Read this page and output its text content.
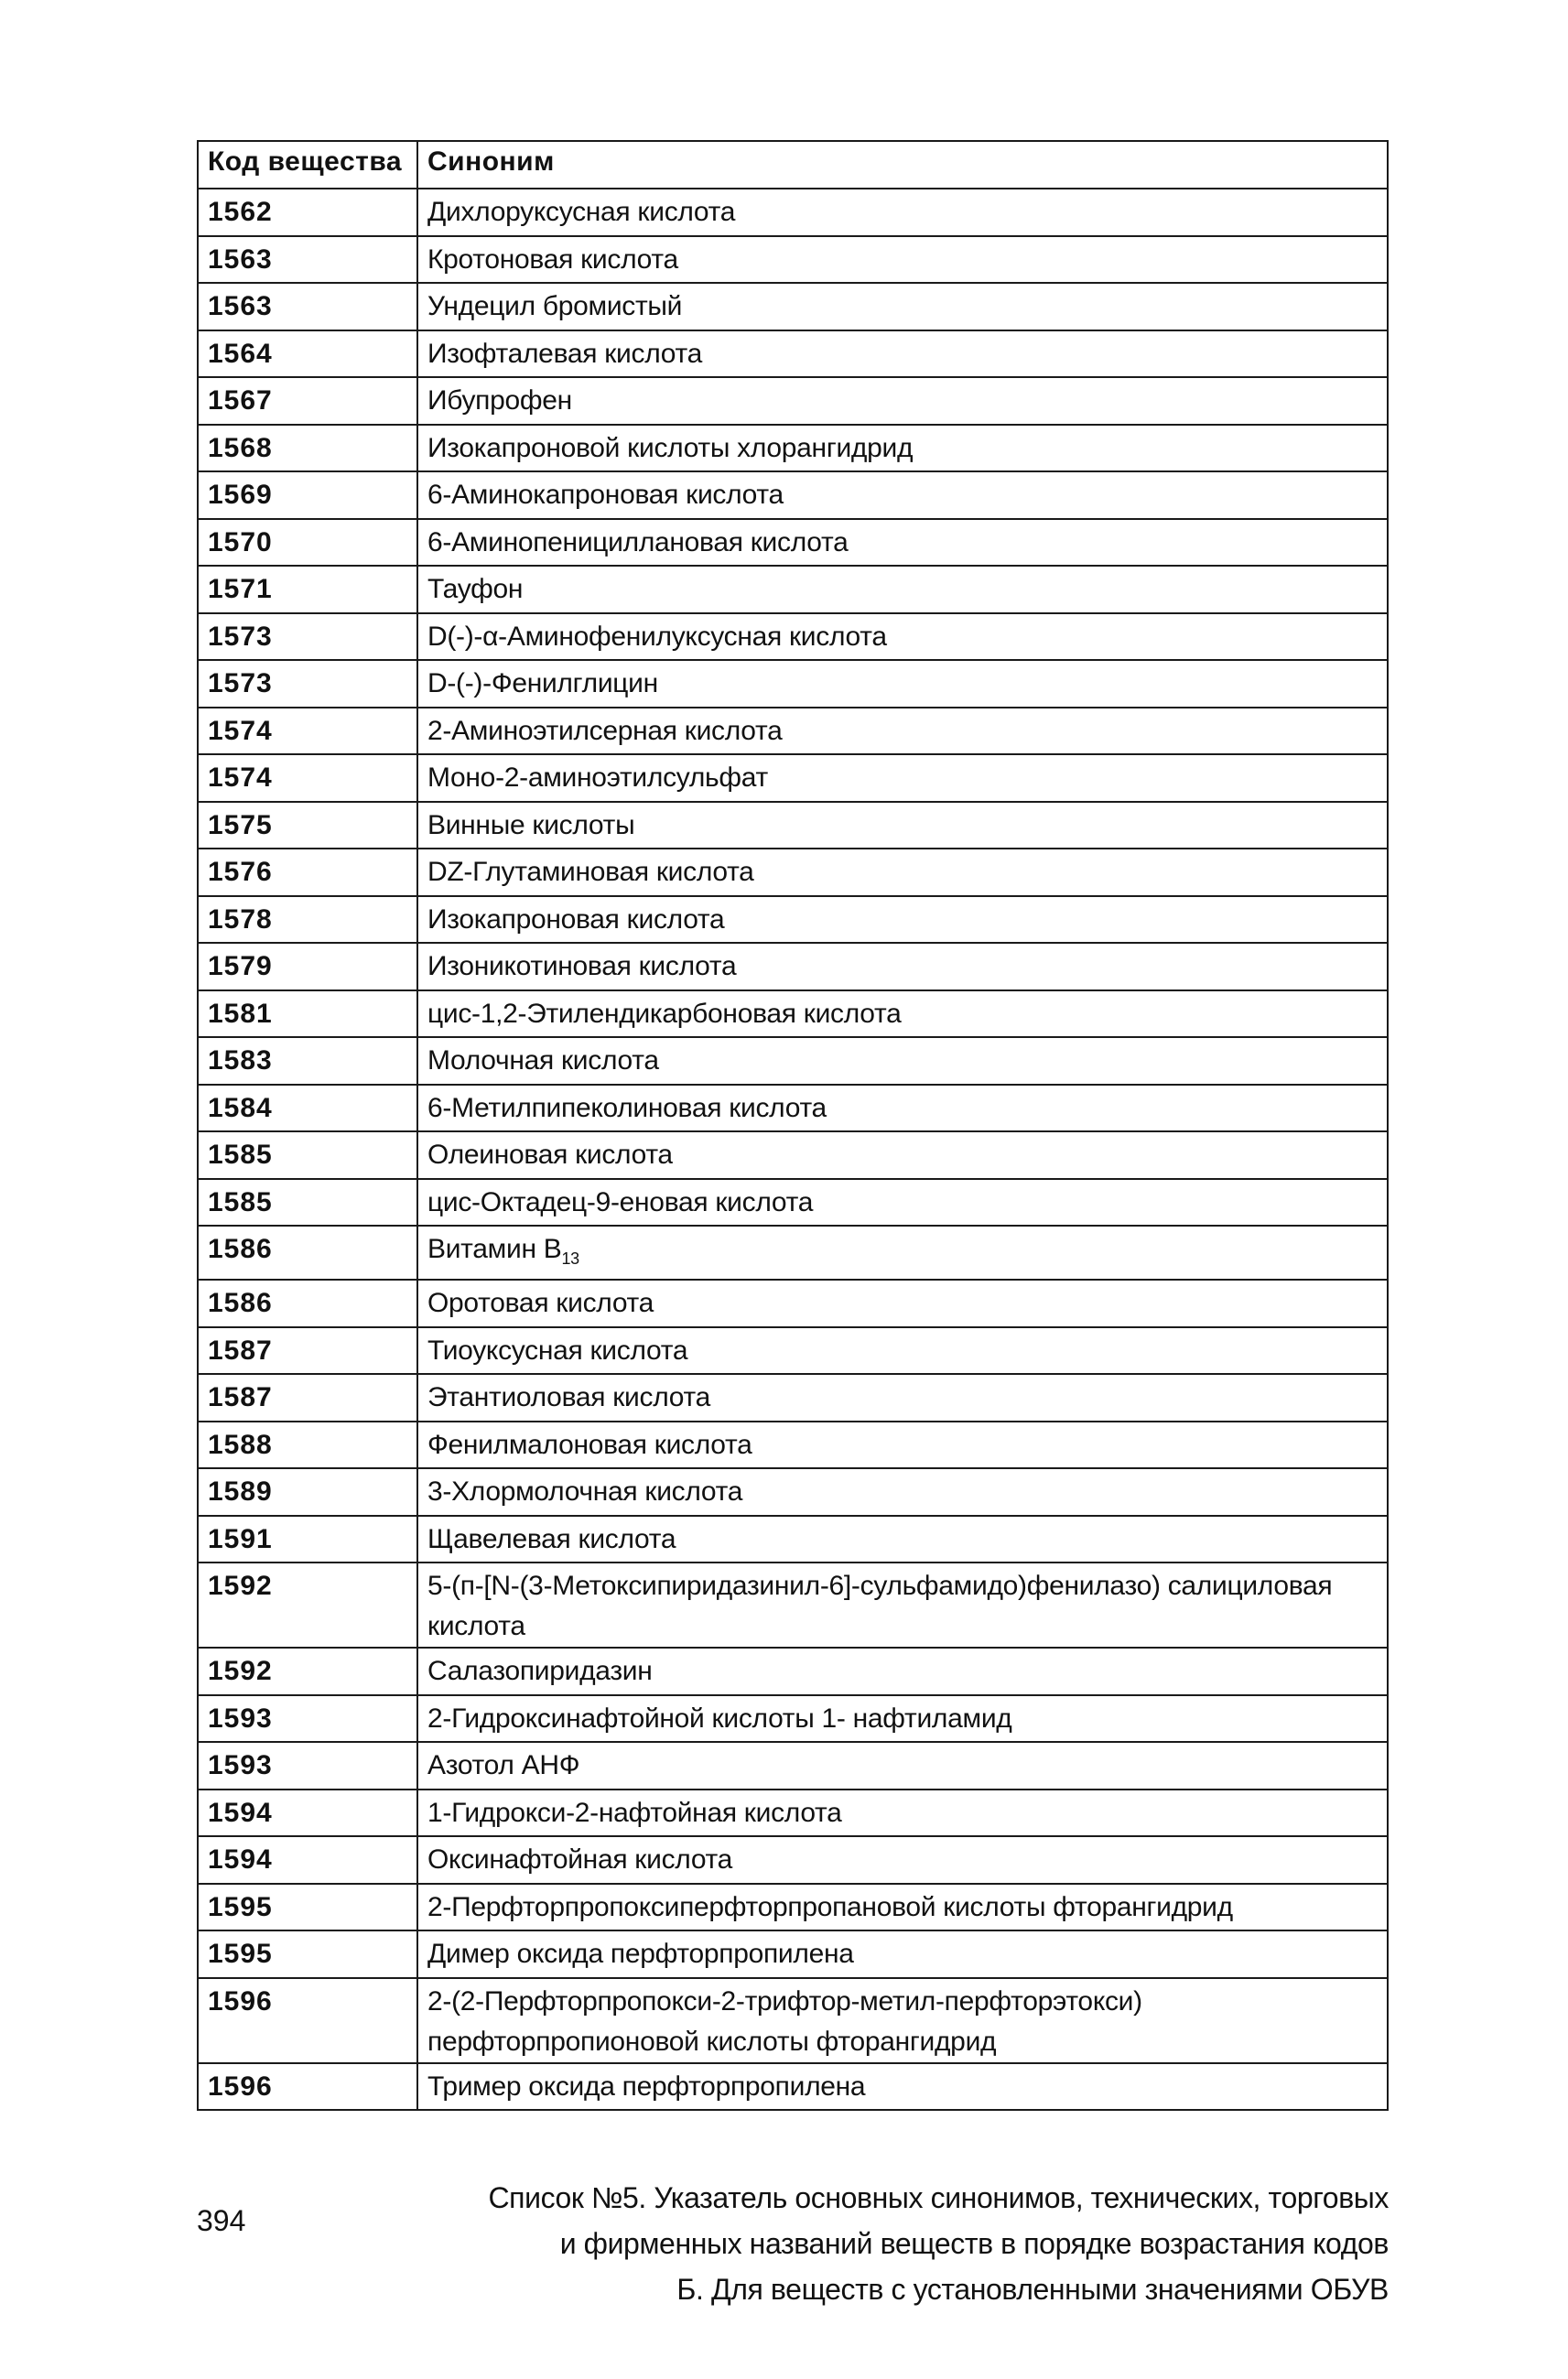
Код вещества	Синоним
1562	Дихлоруксусная кислота
1563	Кротоновая кислота
1563	Ундецил бромистый
1564	Изофталевая кислота
1567	Ибупрофен
1568	Изокапроновой кислоты хлорангидрид
1569	6-Аминокапроновая кислота
1570	6-Аминопенициллановая кислота
1571	Тауфон
1573	D(-)-α-Аминофенилуксусная кислота
1573	D-(-)-Фенилглицин
1574	2-Аминоэтилсерная кислота
1574	Моно-2-аминоэтилсульфат
1575	Винные кислоты
1576	DZ-Глутаминовая кислота
1578	Изокапроновая кислота
1579	Изоникотиновая кислота
1581	цис-1,2-Этилендикарбоновая кислота
1583	Молочная кислота
1584	6-Метилпипеколиновая кислота
1585	Олеиновая кислота
1585	цис-Октадец-9-еновая кислота
1586	Витамин $B_{13}$
1586	Оротовая кислота
1587	Тиоуксусная кислота
1587	Этантиоловая кислота
1588	Фенилмалоновая кислота
1589	3-Хлормолочная кислота
1591	Щавелевая кислота
1592	5-(п-[N-(3-Метоксипиридазинил-6]-сульфамидо)фенилазо) салициловая кислота
1592	Салазопиридазин
1593	2-Гидроксинафтойной кислоты 1- нафтиламид
1593	Азотол АНФ
1594	1-Гидрокси-2-нафтойная кислота
1594	Оксинафтойная кислота
1595	2-Перфторпропоксиперфторпропановой кислоты фторангидрид
1595	Димер оксида перфторпропилена
1596	2-(2-Перфторпропокси-2-трифтор-метил-перфторэтокси) перфторпропионовой кислоты фторангидрид
1596	Тример оксида перфторпропилена
394
Список №5. Указатель основных синонимов, технических, торговых
и фирменных названий веществ в порядке возрастания кодов
Б. Для веществ с установленными значениями ОБУВ
